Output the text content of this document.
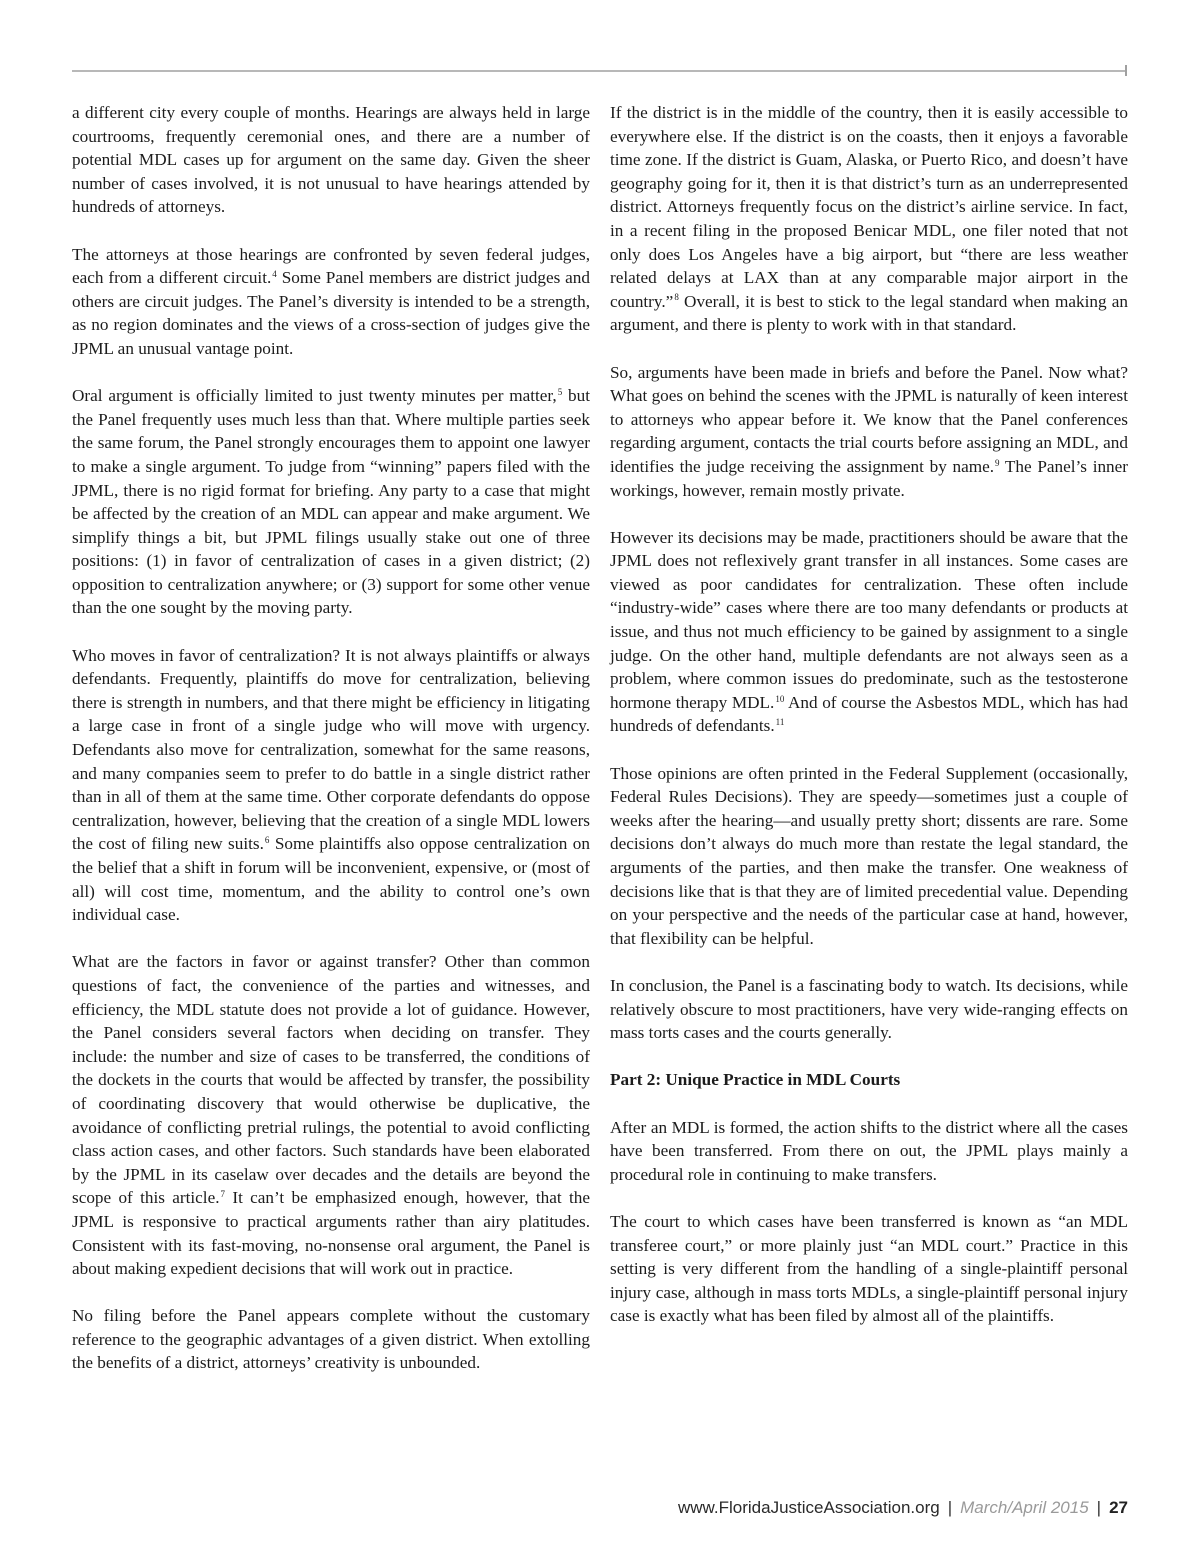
a different city every couple of months. Hearings are always held in large courtrooms, frequently ceremonial ones, and there are a number of potential MDL cases up for argument on the same day. Given the sheer number of cases involved, it is not unusual to have hearings attended by hundreds of attorneys.

The attorneys at those hearings are confronted by seven federal judges, each from a different circuit.$^4$ Some Panel members are district judges and others are circuit judges. The Panel’s diversity is intended to be a strength, as no region dominates and the views of a cross-section of judges give the JPML an unusual vantage point.

Oral argument is officially limited to just twenty minutes per matter,$^5$ but the Panel frequently uses much less than that. Where multiple parties seek the same forum, the Panel strongly encourages them to appoint one lawyer to make a single argument. To judge from “winning” papers filed with the JPML, there is no rigid format for briefing. Any party to a case that might be affected by the creation of an MDL can appear and make argument. We simplify things a bit, but JPML filings usually stake out one of three positions: (1) in favor of centralization of cases in a given district; (2) opposition to centralization anywhere; or (3) support for some other venue than the one sought by the moving party.

Who moves in favor of centralization? It is not always plaintiffs or always defendants. Frequently, plaintiffs do move for centralization, believing there is strength in numbers, and that there might be efficiency in litigating a large case in front of a single judge who will move with urgency. Defendants also move for centralization, somewhat for the same reasons, and many companies seem to prefer to do battle in a single district rather than in all of them at the same time. Other corporate defendants do oppose centralization, however, believing that the creation of a single MDL lowers the cost of filing new suits.$^6$ Some plaintiffs also oppose centralization on the belief that a shift in forum will be inconvenient, expensive, or (most of all) will cost time, momentum, and the ability to control one’s own individual case.

What are the factors in favor or against transfer? Other than common questions of fact, the convenience of the parties and witnesses, and efficiency, the MDL statute does not provide a lot of guidance. However, the Panel considers several factors when deciding on transfer. They include: the number and size of cases to be transferred, the conditions of the dockets in the courts that would be affected by transfer, the possibility of coordinating discovery that would otherwise be duplicative, the avoidance of conflicting pretrial rulings, the potential to avoid conflicting class action cases, and other factors. Such standards have been elaborated by the JPML in its caselaw over decades and the details are beyond the scope of this article.$^7$ It can’t be emphasized enough, however, that the JPML is responsive to practical arguments rather than airy platitudes. Consistent with its fast-moving, no-nonsense oral argument, the Panel is about making expedient decisions that will work out in practice.

No filing before the Panel appears complete without the customary reference to the geographic advantages of a given district. When extolling the benefits of a district, attorneys’ creativity is unbounded.

If the district is in the middle of the country, then it is easily accessible to everywhere else. If the district is on the coasts, then it enjoys a favorable time zone. If the district is Guam, Alaska, or Puerto Rico, and doesn’t have geography going for it, then it is that district’s turn as an underrepresented district. Attorneys frequently focus on the district’s airline service. In fact, in a recent filing in the proposed Benicar MDL, one filer noted that not only does Los Angeles have a big airport, but “there are less weather related delays at LAX than at any comparable major airport in the country.”$^8$ Overall, it is best to stick to the legal standard when making an argument, and there is plenty to work with in that standard.

So, arguments have been made in briefs and before the Panel. Now what? What goes on behind the scenes with the JPML is naturally of keen interest to attorneys who appear before it. We know that the Panel conferences regarding argument, contacts the trial courts before assigning an MDL, and identifies the judge receiving the assignment by name.$^9$ The Panel’s inner workings, however, remain mostly private.

However its decisions may be made, practitioners should be aware that the JPML does not reflexively grant transfer in all instances. Some cases are viewed as poor candidates for centralization. These often include “industry-wide” cases where there are too many defendants or products at issue, and thus not much efficiency to be gained by assignment to a single judge. On the other hand, multiple defendants are not always seen as a problem, where common issues do predominate, such as the testosterone hormone therapy MDL.$^{10}$ And of course the Asbestos MDL, which has had hundreds of defendants.$^{11}$

Those opinions are often printed in the Federal Supplement (occasionally, Federal Rules Decisions). They are speedy—sometimes just a couple of weeks after the hearing—and usually pretty short; dissents are rare. Some decisions don’t always do much more than restate the legal standard, the arguments of the parties, and then make the transfer. One weakness of decisions like that is that they are of limited precedential value. Depending on your perspective and the needs of the particular case at hand, however, that flexibility can be helpful.

In conclusion, the Panel is a fascinating body to watch. Its decisions, while relatively obscure to most practitioners, have very wide-ranging effects on mass torts cases and the courts generally.

Part 2: Unique Practice in MDL Courts

After an MDL is formed, the action shifts to the district where all the cases have been transferred. From there on out, the JPML plays mainly a procedural role in continuing to make transfers.

The court to which cases have been transferred is known as “an MDL transferee court,” or more plainly just “an MDL court.” Practice in this setting is very different from the handling of a single-plaintiff personal injury case, although in mass torts MDLs, a single-plaintiff personal injury case is exactly what has been filed by almost all of the plaintiffs.

www.FloridaJusticeAssociation.org | March/April 2015 | 27
